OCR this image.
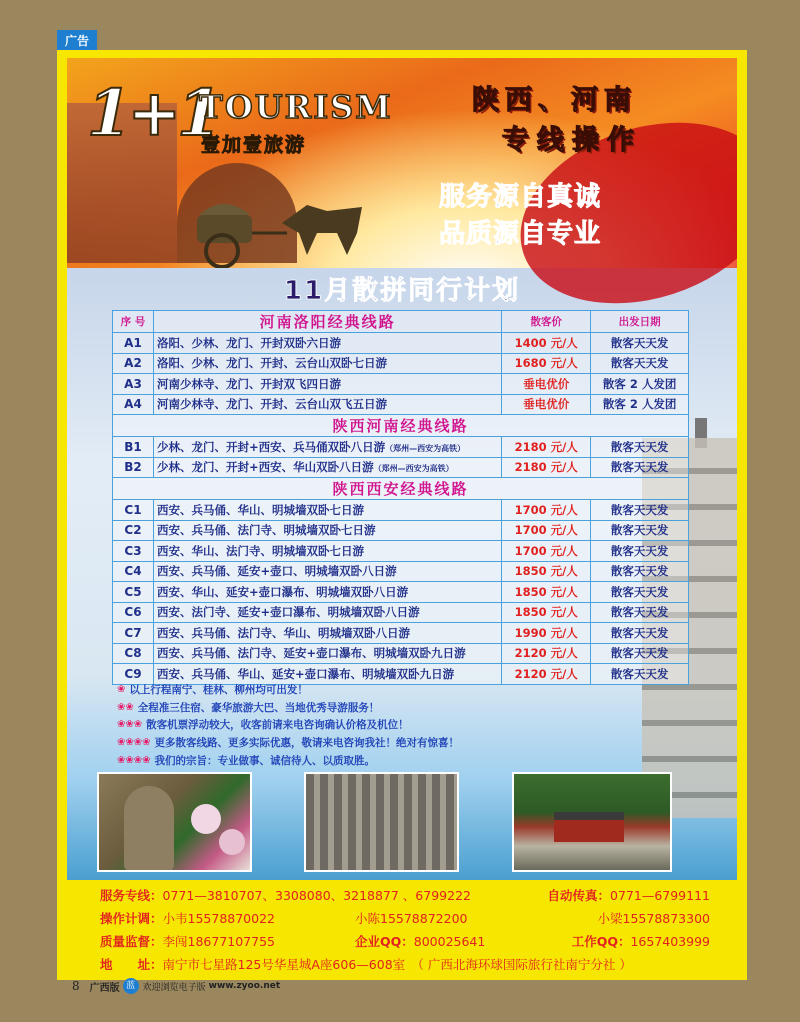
广告
1+1
TOURISM
壹加壹旅游
陕西、河南
专线操作
服务源自真诚
品质源自专业
11月散拼同行计划
序 号	河南洛阳经典线路	散客价	出发日期
A1	洛阳、少林、龙门、开封双卧六日游	1400 元/人	散客天天发
A2	洛阳、少林、龙门、开封、云台山双卧七日游	1680 元/人	散客天天发
A3	河南少林寺、龙门、开封双飞四日游	垂电优价	散客 2 人发团
A4	河南少林寺、龙门、开封、云台山双飞五日游	垂电优价	散客 2 人发团
陕西河南经典线路			
B1	少林、龙门、开封+西安、兵马俑双卧八日游（郑州—西安为高铁）	2180 元/人	散客天天发
B2	少林、龙门、开封+西安、华山双卧八日游（郑州—西安为高铁）	2180 元/人	散客天天发
陕西西安经典线路			
C1	西安、兵马俑、华山、明城墙双卧七日游	1700 元/人	散客天天发
C2	西安、兵马俑、法门寺、明城墙双卧七日游	1700 元/人	散客天天发
C3	西安、华山、法门寺、明城墙双卧七日游	1700 元/人	散客天天发
C4	西安、兵马俑、延安+壶口、明城墙双卧八日游	1850 元/人	散客天天发
C5	西安、华山、延安+壶口瀑布、明城墙双卧八日游	1850 元/人	散客天天发
C6	西安、法门寺、延安+壶口瀑布、明城墙双卧八日游	1850 元/人	散客天天发
C7	西安、兵马俑、法门寺、华山、明城墙双卧八日游	1990 元/人	散客天天发
C8	西安、兵马俑、法门寺、延安+壶口瀑布、明城墙双卧九日游	2120 元/人	散客天天发
C9	西安、兵马俑、华山、延安+壶口瀑布、明城墙双卧九日游	2120 元/人	散客天天发
❀ 以上行程南宁、桂林、柳州均可出发！
❀❀ 全程准三住宿、豪华旅游大巴、当地优秀导游服务！
❀❀❀ 散客机票浮动较大，收客前请来电咨询确认价格及机位！
❀❀❀❀ 更多散客线路、更多实际优惠，敬请来电咨询我社！绝对有惊喜！
❀❀❀❀ 我们的宗旨：专业做事、诚信待人、以质取胜。
服务专线： 0771—3810707、3308080、3218877 、6799222	自动传真：0771—6799111
操作计调： 小韦15578870022	小陈15578872200	小梁15578873300
质量监督： 李闯18677107755	企业QQ：800025641	工作QQ：1657403999
地　　址： 南宁市七星路125号华星城A座606—608室　（ 广西北海环球国际旅行社南宁分社 ）
8 广西版 蓝 欢迎浏览电子版 www.zyoo.net
